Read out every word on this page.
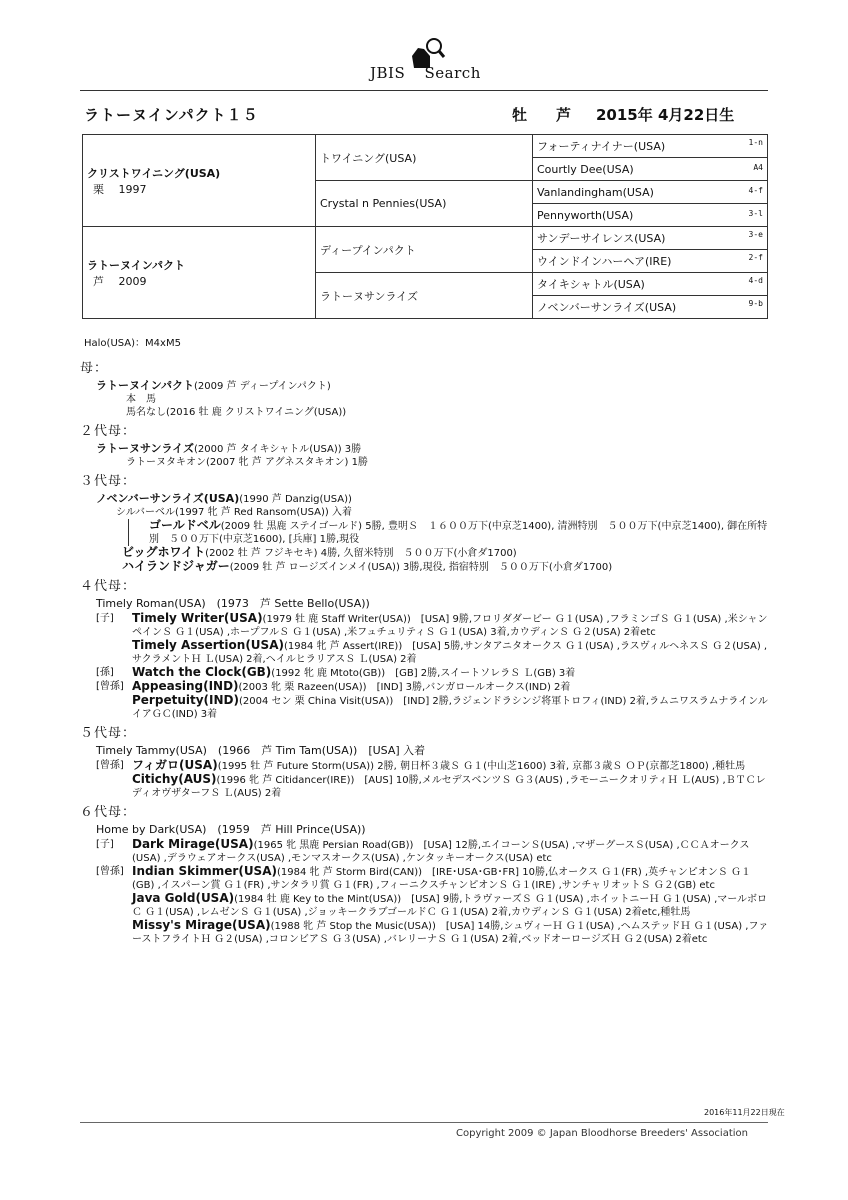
JBIS Search
ラトーヌインパクト１５	牡 芦 2015年 4月22日生
クリストワイニング(USA)
栗　 1997	トワイニング(USA)	フォーティナイナー(USA) 1-n

		Courtly Dee(USA) A4

	Crystal n Pennies(USA)	Vanlandingham(USA) 4-f

		Pennyworth(USA) 3-l

ラトーヌインパクト
芦　 2009	ディープインパクト	サンデーサイレンス(USA) 3-e

		ウインドインハーヘア(IRE) 2-f

	ラトーヌサンライズ	タイキシャトル(USA) 4-d

		ノベンバーサンライズ(USA) 9-b
Halo(USA)：M4xM5
母：
ラトーヌインパクト(2009 芦 ディープインパクト)
本　馬
馬名なし(2016 牡 鹿 クリストワイニング(USA))
２代母：
ラトーヌサンライズ(2000 芦 タイキシャトル(USA)) 3勝
ラトーヌタキオン(2007 牝 芦 アグネスタキオン) 1勝
３代母：
ノベンバーサンライズ(USA)(1990 芦 Danzig(USA))
シルバーベル(1997 牝 芦 Red Ransom(USA)) 入着
ゴールドベル(2009 牡 黒鹿 ステイゴールド) 5勝, 豊明Ｓ　１６００万下(中京芝1400), 清洲特別　５００万下(中京芝1400), 御在所特別　５００万下(中京芝1600), [兵庫] 1勝,現役
ビッグホワイト(2002 牡 芦 フジキセキ) 4勝, 久留米特別　５００万下(小倉ダ1700)
ハイランドジャガー(2009 牡 芦 ロージズインメイ(USA)) 3勝,現役, 指宿特別　５００万下(小倉ダ1700)
４代母：
Timely Roman(USA)　(1973　芦 Sette Bello(USA))
[子]	Timely Writer(USA)(1979 牡 鹿 Staff Writer(USA))　[USA] 9勝,フロリダダービー Ｇ１(USA) ,フラミンゴＳ Ｇ１(USA) ,米シャンペインＳ Ｇ１(USA) ,ホープフルＳ Ｇ１(USA) ,米フュチュリティＳ Ｇ１(USA) 3着,カウディンＳ Ｇ２(USA) 2着etc
Timely Assertion(USA)(1984 牝 芦 Assert(IRE))　[USA] 5勝,サンタアニタオークス Ｇ１(USA) ,ラスヴィルヘネスＳ Ｇ２(USA) ,サクラメントＨ Ｌ(USA) 2着,ヘイルヒラリアスＳ Ｌ(USA) 2着
[孫]	Watch the Clock(GB)(1992 牝 鹿 Mtoto(GB))　[GB] 2勝,スイートソレラＳ Ｌ(GB) 3着
[曾孫] Appeasing(IND)(2003 牝 栗 Razeen(USA))　[IND] 3勝,バンガロールオークス(IND) 2着
Perpetuity(IND)(2004 セン 栗 China Visit(USA))　[IND] 2勝,ラジェンドラシンジ将軍トロフィ(IND) 2着,ラムニワスラムナラインルイアＧＣ(IND) 3着
５代母：
Timely Tammy(USA)　(1966　芦 Tim Tam(USA))　[USA] 入着
[曾孫] フィガロ(USA)(1995 牡 芦 Future Storm(USA)) 2勝, 朝日杯３歳Ｓ Ｇ１(中山芝1600) 3着, 京都３歳Ｓ ＯＰ(京都芝1800) ,種牡馬
Citichy(AUS)(1996 牝 芦 Citidancer(IRE))　[AUS] 10勝,メルセデスベンツＳ Ｇ３(AUS) ,ラモーニークオリティＨ Ｌ(AUS) ,ＢＴＣレディオヴザターフＳ Ｌ(AUS) 2着
６代母：
Home by Dark(USA)　(1959　芦 Hill Prince(USA))
[子]	Dark Mirage(USA)(1965 牝 黒鹿 Persian Road(GB))　[USA] 12勝,エイコーンＳ(USA) ,マザーグースＳ(USA) ,ＣＣＡオークス(USA) ,デラウェアオークス(USA) ,モンマスオークス(USA) ,ケンタッキーオークス(USA) etc
[曾孫] Indian Skimmer(USA)(1984 牝 芦 Storm Bird(CAN))　[IRE･USA･GB･FR] 10勝,仏オークス Ｇ１(FR) ,英チャンピオンＳ Ｇ１(GB) ,イスパーン賞 Ｇ１(FR) ,サンタラリ賞 Ｇ１(FR) ,フィーニクスチャンピオンＳ Ｇ１(IRE) ,サンチャリオットＳ Ｇ２(GB) etc
Java Gold(USA)(1984 牡 鹿 Key to the Mint(USA))　[USA] 9勝,トラヴァーズＳ Ｇ１(USA) ,ホイットニーＨ Ｇ１(USA) ,マールボロＣ Ｇ１(USA) ,レムゼンＳ Ｇ１(USA) ,ジョッキークラブゴールドＣ Ｇ１(USA) 2着,カウディンＳ Ｇ１(USA) 2着etc,種牡馬
Missy's Mirage(USA)(1988 牝 芦 Stop the Music(USA))　[USA] 14勝,シュヴィーＨ Ｇ１(USA) ,ヘムステッドＨ Ｇ１(USA) ,ファーストフライトＨ Ｇ２(USA) ,コロンビアＳ Ｇ３(USA) ,バレリーナＳ Ｇ１(USA) 2着,ベッドオーロージズＨ Ｇ２(USA) 2着etc
2016年11月22日現在
Copyright 2009 © Japan Bloodhorse Breeders' Association
